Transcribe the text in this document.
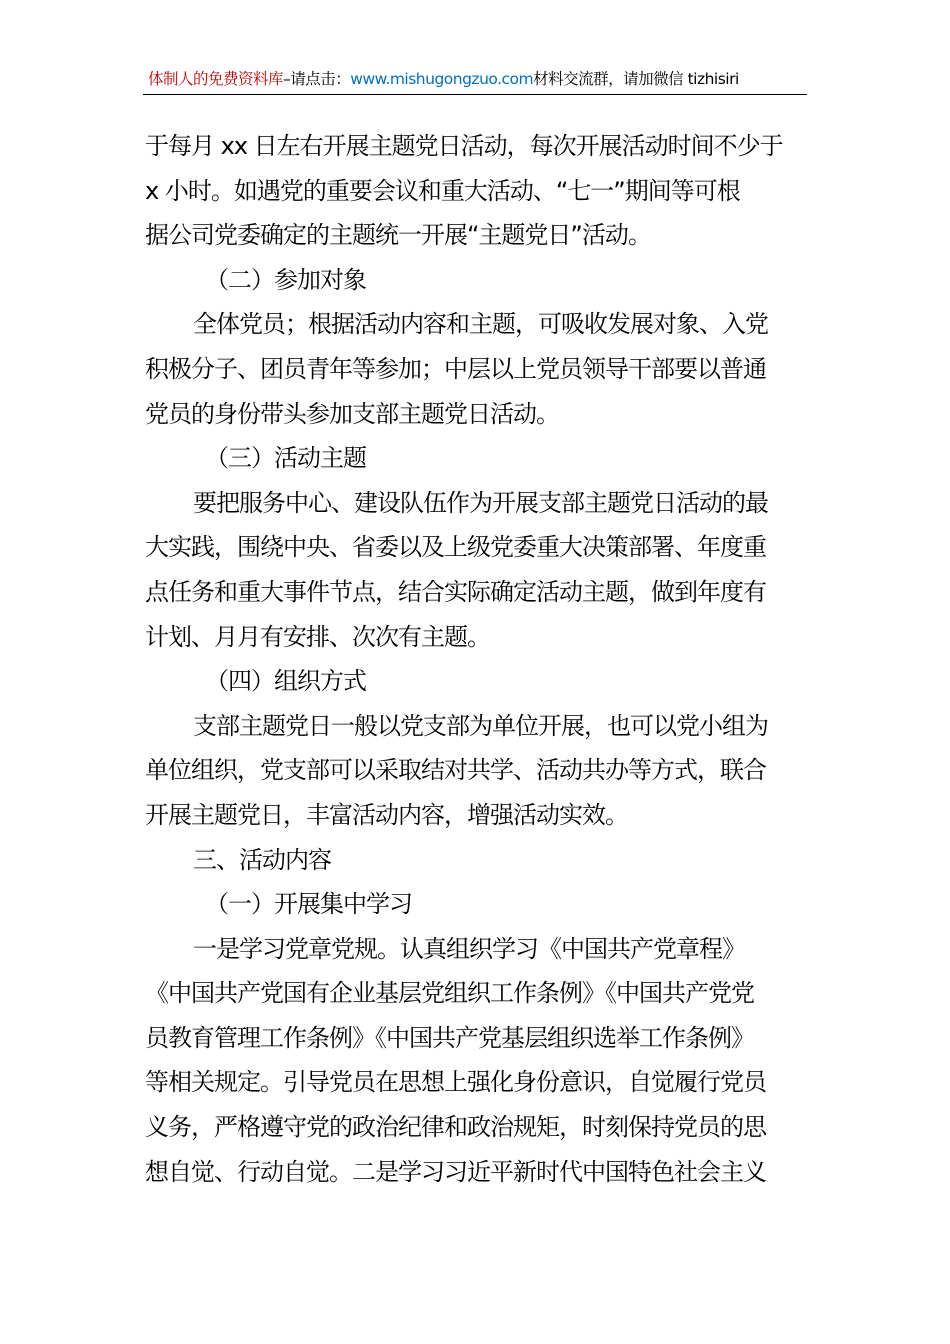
体制人的免费资料库–请点击：www.mishugongzuo.com材料交流群，请加微信 tizhisiri

于每月 xx 日左右开展主题党日活动，每次开展活动时间不少于
x 小时。如遇党的重要会议和重大活动、“七一”期间等可根
据公司党委确定的主题统一开展“主题党日”活动。

（二）参加对象

全体党员；根据活动内容和主题，可吸收发展对象、入党
积极分子、团员青年等参加；中层以上党员领导干部要以普通
党员的身份带头参加支部主题党日活动。

（三）活动主题

要把服务中心、建设队伍作为开展支部主题党日活动的最
大实践，围绕中央、省委以及上级党委重大决策部署、年度重
点任务和重大事件节点，结合实际确定活动主题，做到年度有
计划、月月有安排、次次有主题。

（四）组织方式

支部主题党日一般以党支部为单位开展，也可以党小组为
单位组织，党支部可以采取结对共学、活动共办等方式，联合
开展主题党日，丰富活动内容，增强活动实效。

三、活动内容

（一）开展集中学习

一是学习党章党规。认真组织学习《中国共产党章程》
《中国共产党国有企业基层党组织工作条例》《中国共产党党
员教育管理工作条例》《中国共产党基层组织选举工作条例》
等相关规定。引导党员在思想上强化身份意识，自觉履行党员
义务，严格遵守党的政治纪律和政治规矩，时刻保持党员的思
想自觉、行动自觉。二是学习习近平新时代中国特色社会主义
